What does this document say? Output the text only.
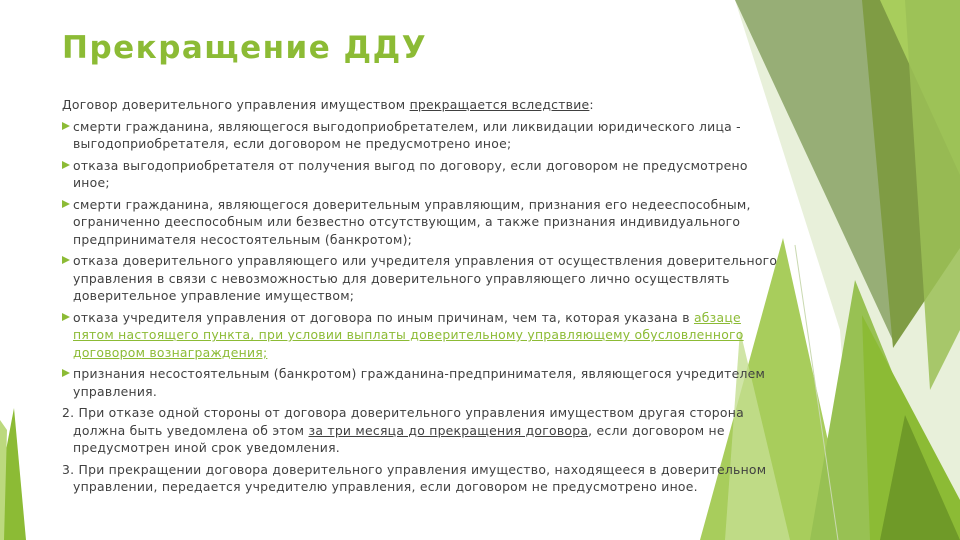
Прекращение ДДУ

Договор доверительного управления имуществом прекращается вследствие:

смерти гражданина, являющегося выгодоприобретателем, или ликвидации юридического лица - выгодоприобретателя, если договором не предусмотрено иное;
отказа выгодоприобретателя от получения выгод по договору, если договором не предусмотрено иное;
смерти гражданина, являющегося доверительным управляющим, признания его недееспособным, ограниченно дееспособным или безвестно отсутствующим, а также признания индивидуального предпринимателя несостоятельным (банкротом);
отказа доверительного управляющего или учредителя управления от осуществления доверительного управления в связи с невозможностью для доверительного управляющего лично осуществлять доверительное управление имуществом;
отказа учредителя управления от договора по иным причинам, чем та, которая указана в абзаце пятом настоящего пункта, при условии выплаты доверительному управляющему обусловленного договором вознаграждения;
признания несостоятельным (банкротом) гражданина-предпринимателя, являющегося учредителем управления.

2. При отказе одной стороны от договора доверительного управления имуществом другая сторона должна быть уведомлена об этом за три месяца до прекращения договора, если договором не предусмотрен иной срок уведомления.

3. При прекращении договора доверительного управления имущество, находящееся в доверительном управлении, передается учредителю управления, если договором не предусмотрено иное.
